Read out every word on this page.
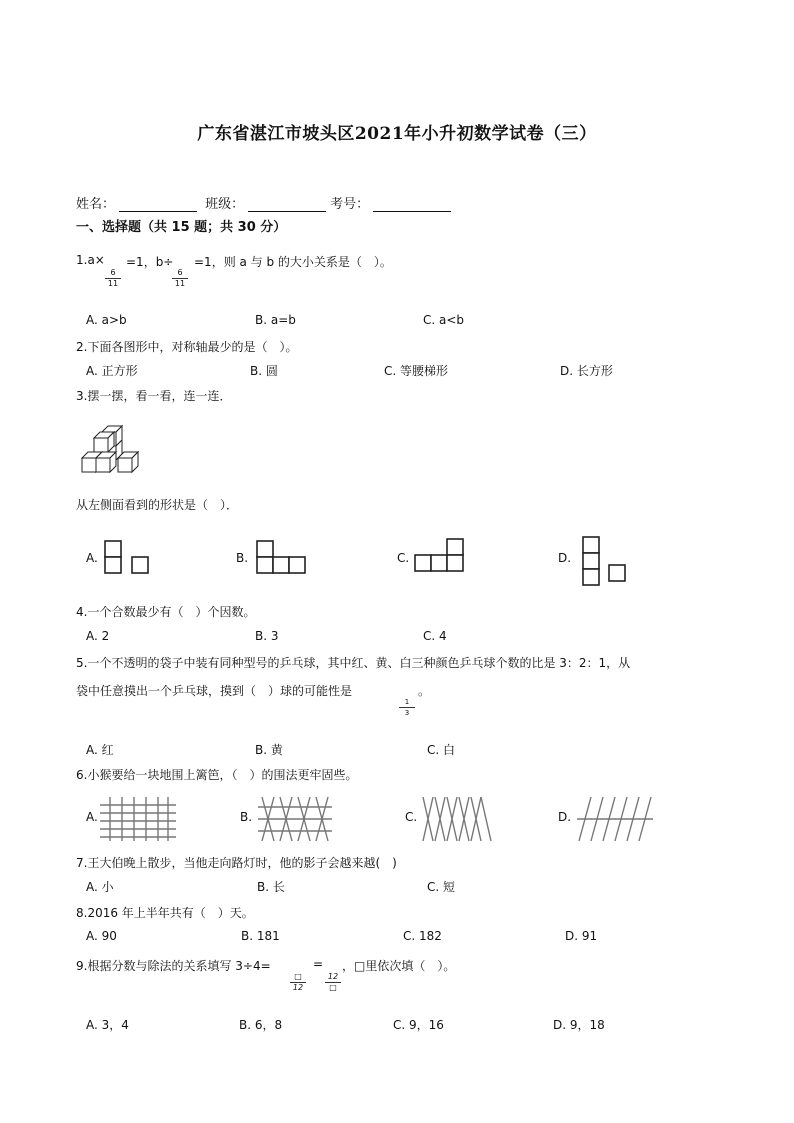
广东省湛江市坡头区2021年小升初数学试卷（三）
姓名：	班级：	考号：
一、选择题（共 15 题；共 30 分）
1.a× =1，b÷ =1，则 a 与 b 的大小关系是（　）。
$\frac{6}{11}$	$\frac{6}{11}$
A. a>b	B. a=b	C. a<b
2.下面各图形中，对称轴最少的是（　）。
A. 正方形	B. 圆	C. 等腰梯形	D. 长方形
3.摆一摆，看一看，连一连．
从左侧面看到的形状是（　）．
A.	B.	C.	D.
4.一个合数最少有（　）个因数。
A. 2	B. 3	C. 4
5.一个不透明的袋子中装有同种型号的乒乓球，其中红、黄、白三种颜色乒乓球个数的比是 3：2：1，从
袋中任意摸出一个乒乓球，摸到（　）球的可能性是
$\frac{1}{3}$
。
A. 红	B. 黄	C. 白
6.小猴要给一块地围上篱笆，（　）的围法更牢固些。
A.	B.	C.	D.
7.王大伯晚上散步，当他走向路灯时，他的影子会越来越(　)
A. 小	B. 长	C. 短
8.2016 年上半年共有（　）天。
A. 90	B. 181	C. 182	D. 91
9.根据分数与除法的关系填写 3÷4=
□
12
=
12
□
，□里依次填（　）。
A. 3，4	B. 6，8	C. 9，16	D. 9，18
